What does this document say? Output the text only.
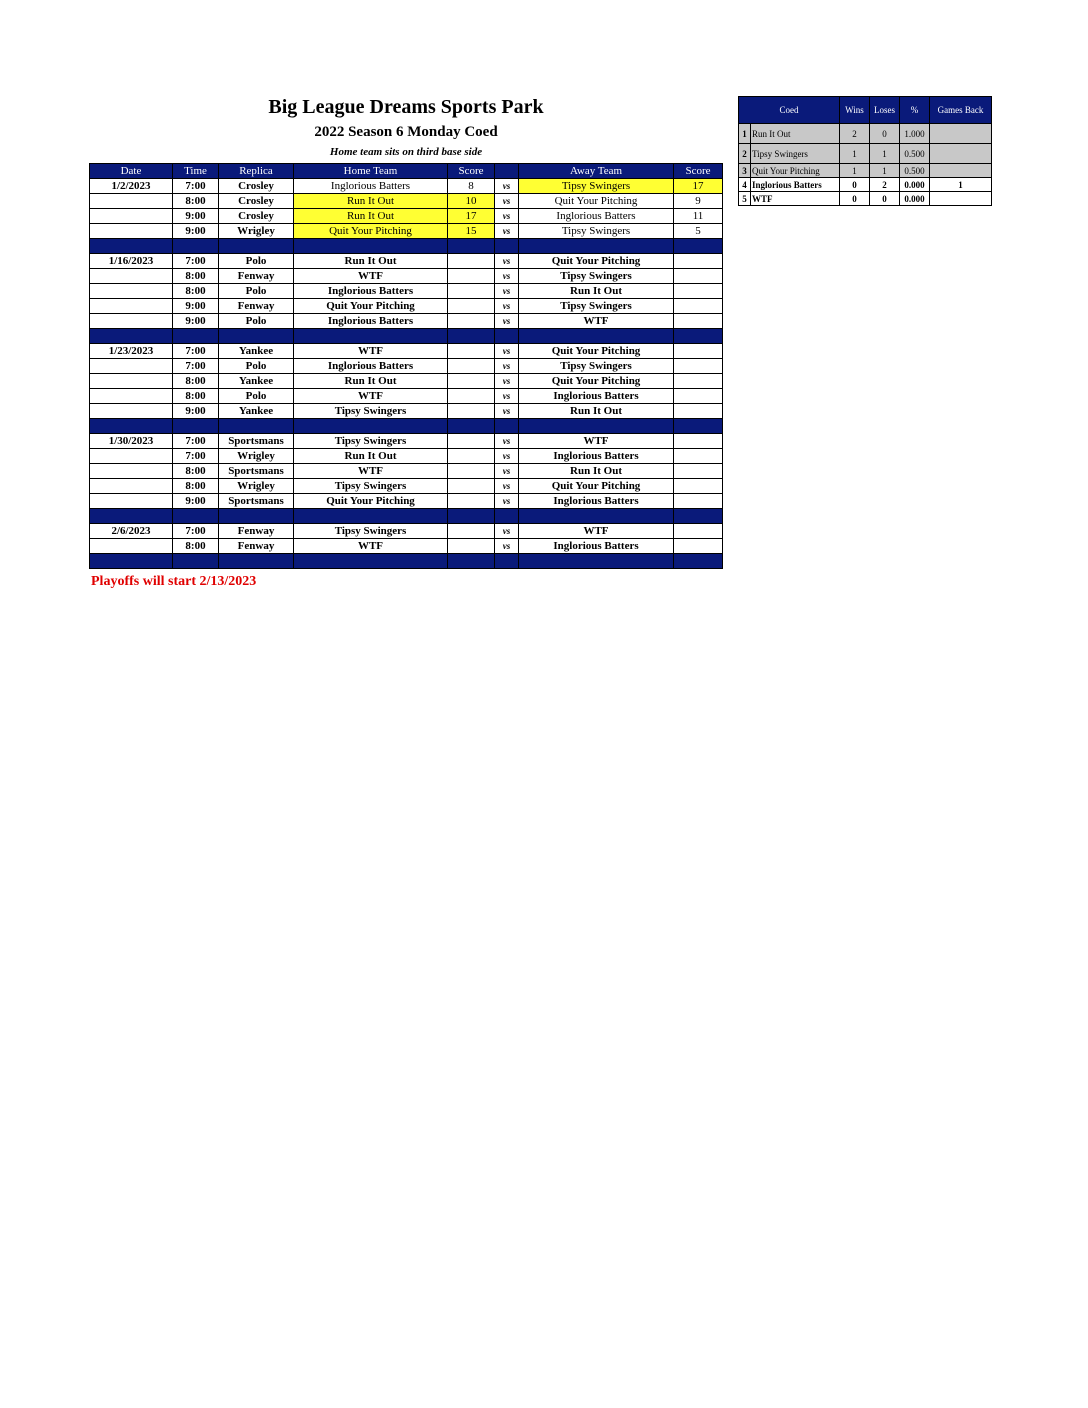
Big League Dreams Sports Park
2022 Season 6 Monday Coed
Home team sits on third base side
Date	Time	Replica	Home Team	Score		Away Team	Score
1/2/2023	7:00	Crosley	Inglorious Batters	8	vs	Tipsy Swingers	17
	8:00	Crosley	Run It Out	10	vs	Quit Your Pitching	9
	9:00	Crosley	Run It Out	17	vs	Inglorious Batters	11
	9:00	Wrigley	Quit Your Pitching	15	vs	Tipsy Swingers	5

1/16/2023	7:00	Polo	Run It Out		vs	Quit Your Pitching	
	8:00	Fenway	WTF		vs	Tipsy Swingers	
	8:00	Polo	Inglorious Batters		vs	Run It Out	
	9:00	Fenway	Quit Your Pitching		vs	Tipsy Swingers	
	9:00	Polo	Inglorious Batters		vs	WTF	

1/23/2023	7:00	Yankee	WTF		vs	Quit Your Pitching	
	7:00	Polo	Inglorious Batters		vs	Tipsy Swingers	
	8:00	Yankee	Run It Out		vs	Quit Your Pitching	
	8:00	Polo	WTF		vs	Inglorious Batters	
	9:00	Yankee	Tipsy Swingers		vs	Run It Out	

1/30/2023	7:00	Sportsmans	Tipsy Swingers		vs	WTF	
	7:00	Wrigley	Run It Out		vs	Inglorious Batters	
	8:00	Sportsmans	WTF		vs	Run It Out	
	8:00	Wrigley	Tipsy Swingers		vs	Quit Your Pitching	
	9:00	Sportsmans	Quit Your Pitching		vs	Inglorious Batters	

2/6/2023	7:00	Fenway	Tipsy Swingers		vs	WTF	
	8:00	Fenway	WTF		vs	Inglorious Batters	

Playoffs will start 2/13/2023
Coed		Wins	Loses	%	Games Back
1	Run It Out	2	0	1.000	
2	Tipsy Swingers	1	1	0.500	
3	Quit Your Pitching	1	1	0.500	
4	Inglorious Batters	0	2	0.000	1
5	WTF	0	0	0.000	
